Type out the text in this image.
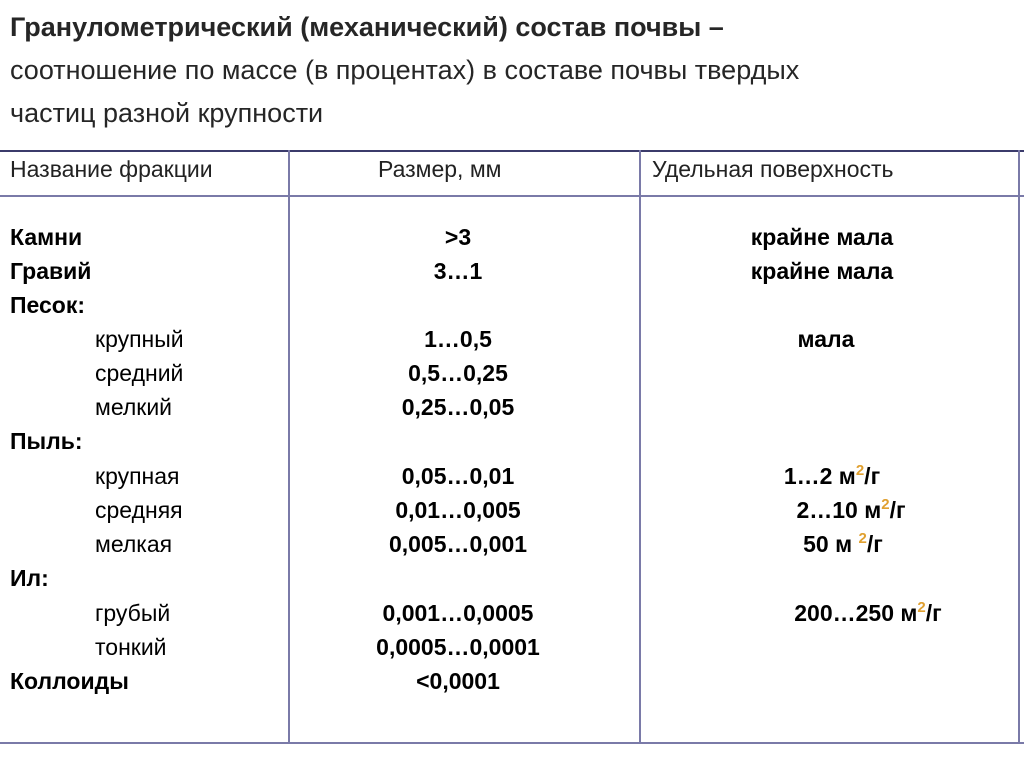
Гранулометрический (механический) состав почвы –
соотношение по массе (в процентах) в составе почвы твердых
частиц разной крупности
Название фракции	Размер, мм	Удельная поверхность
Камни	>3	крайне мала
Гравий	3…1	крайне мала
Песок:
крупный	1…0,5	мала
средний	0,5…0,25
мелкий	0,25…0,05
Пыль:
крупная	0,05…0,01	1…2 $м^2/г$
средняя	0,01…0,005	2…10 $м^2/г$
мелкая	0,005…0,001	50 м $^2$/г
Ил:
грубый	0,001…0,0005	200…250 $м^2/г$
тонкий	0,0005…0,0001
Коллоиды	<0,0001
